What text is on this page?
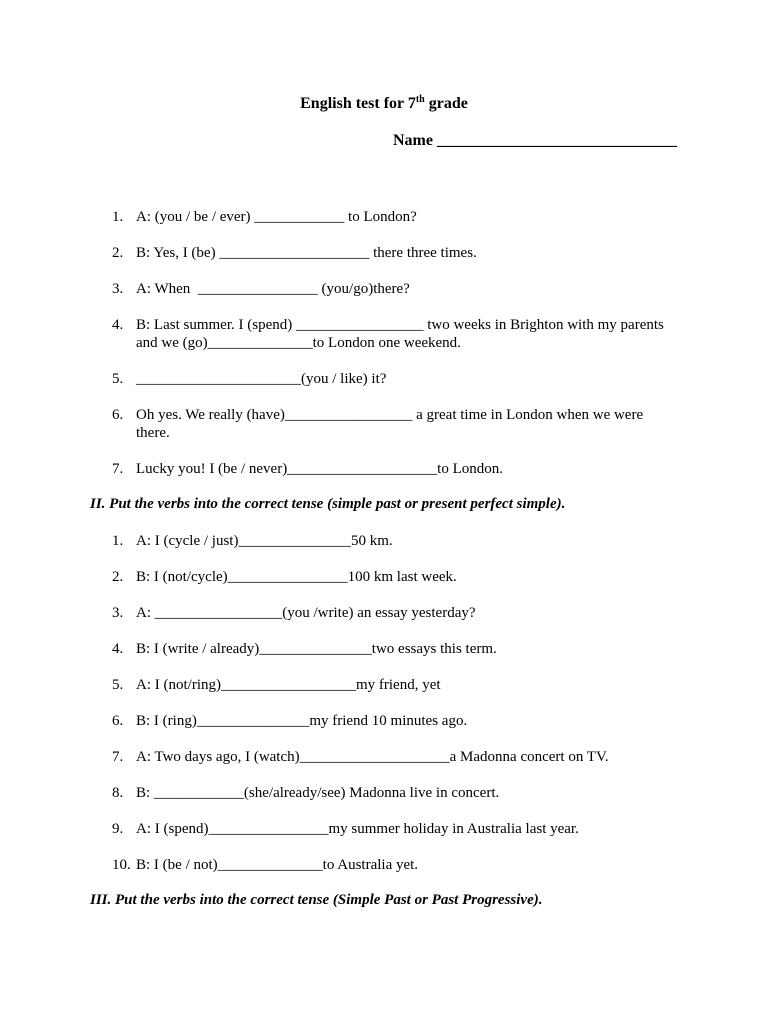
English test for 7th grade
Name ______________________________
1. A: (you / be / ever) ____________ to London?
2. B: Yes, I (be) ____________________ there three times.
3. A: When  ________________ (you/go)there?
4. B: Last summer. I (spend) _________________ two weeks in Brighton with my parents
and we (go)______________to London one weekend.
5. ______________________(you / like) it?
6. Oh yes. We really (have)_________________ a great time in London when we were
there.
7. Lucky you! I (be / never)____________________to London.
II. Put the verbs into the correct tense (simple past or present perfect simple).
1. A: I (cycle / just)_______________50 km.
2. B: I (not/cycle)________________100 km last week.
3. A: _________________(you /write) an essay yesterday?
4. B: I (write / already)_______________two essays this term.
5. A: I (not/ring)__________________my friend, yet
6. B: I (ring)_______________my friend 10 minutes ago.
7. A: Two days ago, I (watch)____________________a Madonna concert on TV.
8. B: ____________(she/already/see) Madonna live in concert.
9. A: I (spend)________________my summer holiday in Australia last year.
10. B: I (be / not)______________to Australia yet.
III. Put the verbs into the correct tense (Simple Past or Past Progressive).
